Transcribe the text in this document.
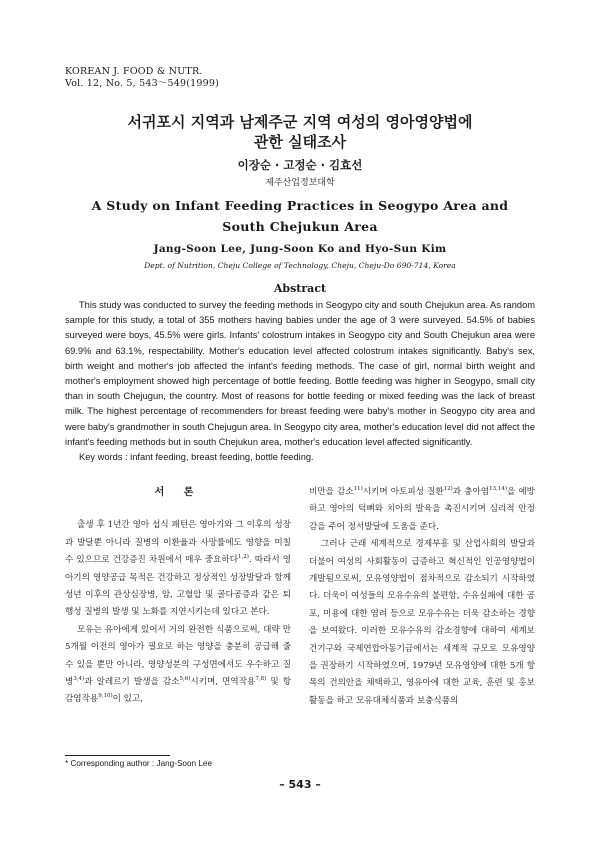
KOREAN J. FOOD & NUTR.
Vol. 12, No. 5, 543～549(1999)
서귀포시 지역과 남제주군 지역 여성의 영아영양법에
관한 실태조사
이장순 · 고정순 · 김효선
제주산업정보대학
A Study on Infant Feeding Practices in Seogypo Area and
South Chejukun Area
Jang-Soon Lee, Jung-Soon Ko and Hyo-Sun Kim
Dept. of Nutrition, Cheju College of Technology, Cheju, Cheju-Do 690-714, Korea
Abstract

This study was conducted to survey the feeding methods in Seogypo city and south Chejukun area. As random sample for this study, a total of 355 mothers having babies under the age of 3 were surveyed. 54.5% of babies surveyed were boys, 45.5% were girls. Infants' colostrum intakes in Seogypo city and South Chejukun area were 69.9% and 63.1%, respectability. Mother's education level affected colostrum intakes significantly. Baby's sex, birth weight and mother's job affected the infant's feeding methods. The case of girl, normal birth weight and mother's employment showed high percentage of bottle feeding. Bottle feeding was higher in Seogypo, small city than in south Chejugun, the country. Most of reasons for bottle feeding or mixed feeding was the lack of breast milk. The highest percentage of recommenders for breast feeding were baby's mother in Seogypo city area and were baby's grandmother in south Chejugun area. In Seogypo city area, mother's education level did not affect the infant's feeding methods but in south Chejukun area, mother's education level affected significantly.

Key words : infant feeding, breast feeding, bottle feeding.

서 론

출생 후 1년간 영아 섭식 패턴은 영아기와 그 이후의 성장과 발달뿐 아니라 질병의 이환율과 사망률에도 영향을 미칠 수 있으므로 건강증진 차원에서 매우 중요하다$^{1,2)}$. 따라서 영아기의 영양공급 목적은 건강하고 정상적인 성장발달과 함께 성년 이후의 관상심장병, 암, 고혈압 및 골다공증과 같은 퇴행성 질병의 발생 및 노화를 지연시키는데 있다고 본다.

모유는 유아에게 있어서 거의 완전한 식품으로써, 대략 만 5개월 이전의 영아가 필요로 하는 영양을 충분히 공급해 줄 수 있을 뿐만 아니라, 영양성분의 구성면에서도 우수하고 질병$^{3,4)}$과 알레르기 발생을 감소$^{5,6)}$시키며, 면역작용$^{7,8)}$ 및 항감염작용$^{9,10)}$이 있고,

비만을 감소$^{11)}$시키며 아토피성 질환$^{12)}$과 충아염$^{13,14)}$을 예방하고 영아의 턱뼈와 치아의 발육을 촉진시키며 심리적 안정감을 주어 정서발달에 도움을 준다.

그러나 근래 세계적으로 경제부흥 및 산업사회의 발달과 더불어 여성의 사회활동이 급증하고 혁신적인 인공영양법이 개발됨으로써, 모유영양법이 점차적으로 감소되기 시작하였다. 더욱이 여성들의 모유수유의 불편함, 수유실패에 대한 공포, 미용에 대한 염려 등으로 모유수유는 더욱 감소하는 경향을 보여왔다. 이러한 모유수유의 감소경향에 대하여 세계보건기구와 국제연합아동기금에서는 세계적 규모로 모유영양을 권장하기 시작하였으며, 1979년 모유영양에 대한 5개 항목의 건의안을 채택하고, 영유아에 대한 교육, 훈련 및 홍보활동을 하고 모유대체식품과 보충식품의

* Corresponding author : Jang-Soon Lee
– 543 –
